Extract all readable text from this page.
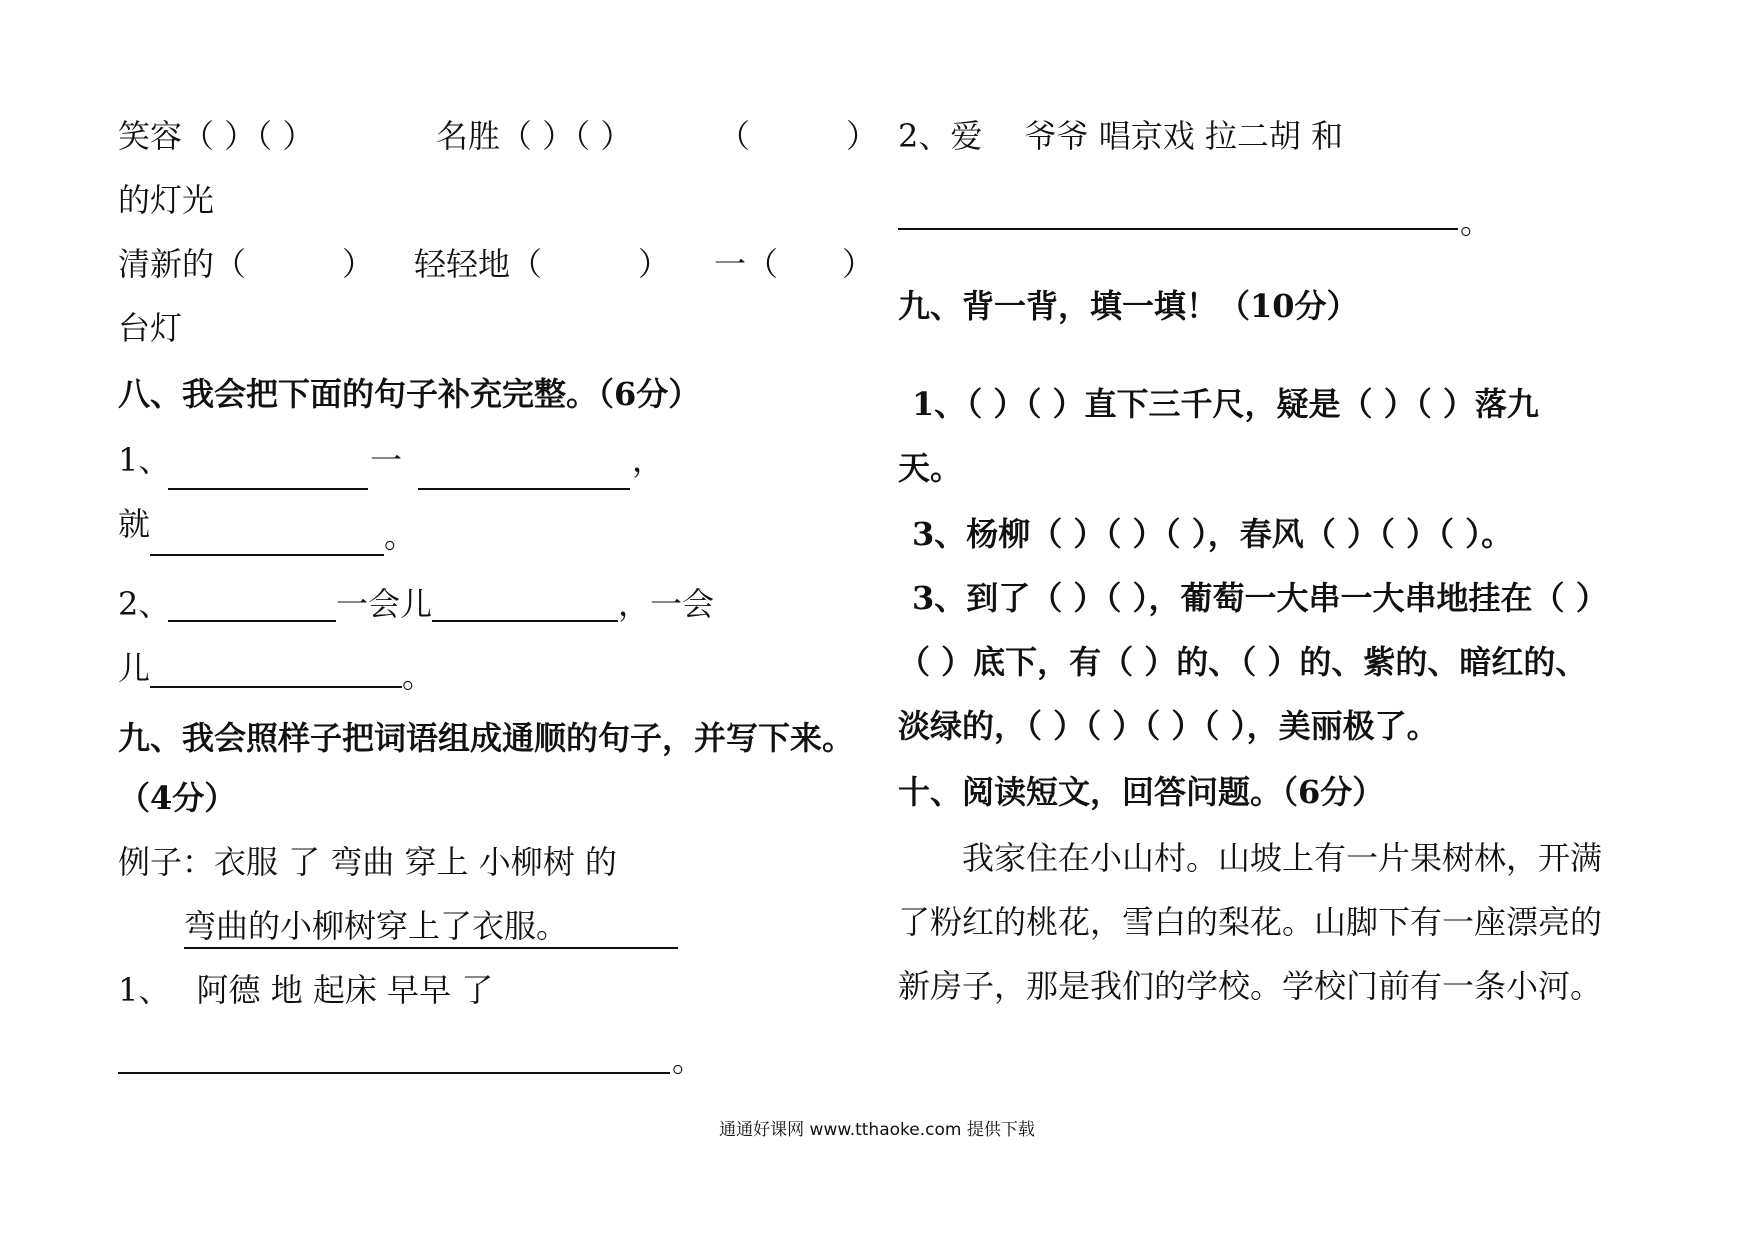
笑容（ ）（ ）	名胜（ ）（ ）	（　　　）
的灯光
清新的（　　　） 轻轻地（　　　） 一（　　）
台灯
八、我会把下面的句子补充完整。（6分）
1、	一	，
就	。
2、	一会儿	，一会
儿	。
九、我会照样子把词语组成通顺的句子，并写下来。
（4分）
例子：衣服 了 弯曲 穿上 小柳树 的
弯曲的小柳树穿上了衣服。
1、　 阿德 地 起床 早早 了
。
2、爱　 爷爷 唱京戏 拉二胡 和
。
九、背一背，填一填！（10分）
1、（ ）（ ）直下三千尺，疑是（ ）（ ）落九
天。
3、杨柳（ ）（ ）（ ），春风（ ）（ ）（ ）。
3、到了（ ）（ ），葡萄一大串一大串地挂在（ ）
（ ）底下，有（ ）的、（ ）的、紫的、暗红的、
淡绿的，（ ）（ ）（ ）（ ），美丽极了。
十、阅读短文，回答问题。（6分）
我家住在小山村。山坡上有一片果树林，开满
了粉红的桃花，雪白的梨花。山脚下有一座漂亮的
新房子，那是我们的学校。学校门前有一条小河。
通通好课网 www.tthaoke.com 提供下载
